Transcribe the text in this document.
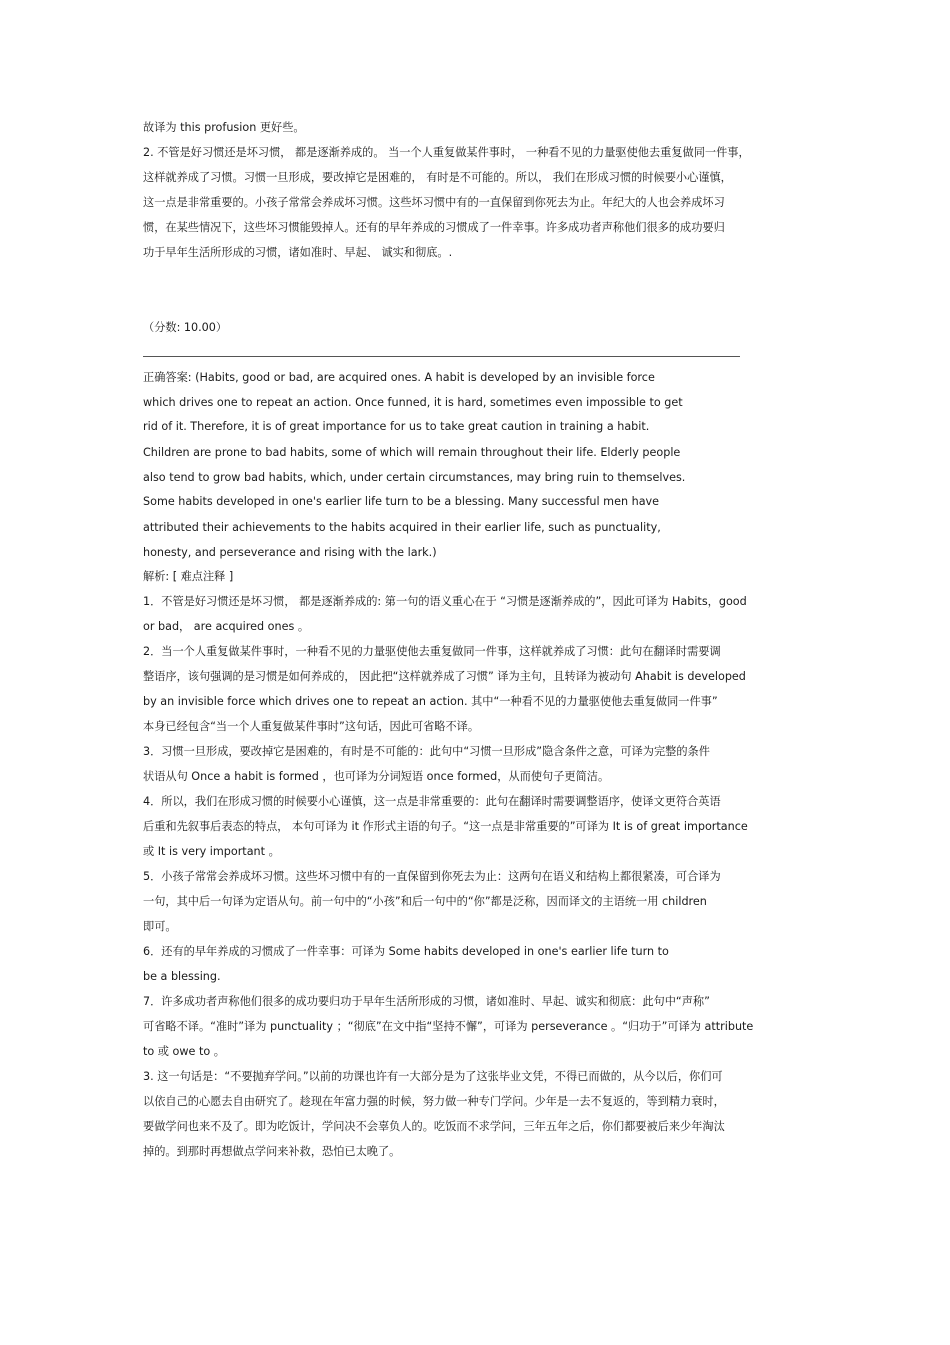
故译为 this profusion 更好些。
2. 不管是好习惯还是坏习惯， 都是逐渐养成的。 当一个人重复做某件事时， 一种看不见的力量驱使他去重复做同一件事，
这样就养成了习惯。习惯一旦形成，要改掉它是困难的， 有时是不可能的。所以， 我们在形成习惯的时候要小心谨慎，
这一点是非常重要的。小孩子常常会养成坏习惯。这些坏习惯中有的一直保留到你死去为止。年纪大的人也会养成坏习
惯，在某些情况下，这些坏习惯能毁掉人。还有的早年养成的习惯成了一件幸事。许多成功者声称他们很多的成功要归
功于早年生活所形成的习惯，诸如准时、早起、 诚实和彻底。.
（分数: 10.00）
正确答案: (Habits, good or bad, are acquired ones. A habit is developed by an invisible force
which drives one to repeat an action. Once funned, it is hard, sometimes even impossible to get
rid of it. Therefore, it is of great importance for us to take great caution in training a habit.
Children are prone to bad habits, some of which will remain throughout their life. Elderly people
also tend to grow bad habits, which, under certain circumstances, may bring ruin to themselves.
Some habits developed in one's earlier life turn to be a blessing. Many successful men have
attributed their achievements to the habits acquired in their earlier life, such as punctuality,
honesty, and perseverance and rising with the lark.)
解析: [ 难点注释 ]
1．不管是好习惯还是坏习惯， 都是逐渐养成的: 第一句的语义重心在于 “习惯是逐渐养成的”，因此可译为 Habits，good
or bad， are acquired ones 。
2．当一个人重复做某件事时，一种看不见的力量驱使他去重复做同一件事，这样就养成了习惯：此句在翻译时需要调
整语序，该句强调的是习惯是如何养成的， 因此把“这样就养成了习惯” 译为主句，且转译为被动句 Ahabit is developed
by an invisible force which drives one to repeat an action. 其中“一种看不见的力量驱使他去重复做同一件事”
本身已经包含“当一个人重复做某件事时”这句话，因此可省略不译。
3．习惯一旦形成，要改掉它是困难的，有时是不可能的：此句中“习惯一旦形成”隐含条件之意，可译为完整的条件
状语从句 Once a habit is formed ，也可译为分词短语 once formed，从而使句子更简洁。
4．所以，我们在形成习惯的时候要小心谨慎，这一点是非常重要的：此句在翻译时需要调整语序，使译文更符合英语
后重和先叙事后表态的特点， 本句可译为 it 作形式主语的句子。“这一点是非常重要的”可译为 It is of great importance
或 It is very important 。
5．小孩子常常会养成坏习惯。这些坏习惯中有的一直保留到你死去为止：这两句在语义和结构上都很紧凑，可合译为
一句，其中后一句译为定语从句。前一句中的“小孩”和后一句中的“你”都是泛称，因而译文的主语统一用 children
即可。
6．还有的早年养成的习惯成了一件幸事：可译为 Some habits developed in one's earlier life turn to
be a blessing.
7．许多成功者声称他们很多的成功要归功于早年生活所形成的习惯，诸如准时、早起、诚实和彻底：此句中“声称”
可省略不译。“准时”译为 punctuality ；“彻底”在文中指“坚持不懈”，可译为 perseverance 。“归功于”可译为 attribute
to 或 owe to 。
3. 这一句话是：“不要抛弃学问。”以前的功课也许有一大部分是为了这张毕业文凭，不得已而做的，从今以后，你们可
以依自己的心愿去自由研究了。趁现在年富力强的时候，努力做一种专门学问。少年是一去不复返的，等到精力衰时，
要做学问也来不及了。即为吃饭计，学问决不会辜负人的。吃饭而不求学问，三年五年之后，你们都要被后来少年淘汰
掉的。到那时再想做点学问来补救，恐怕已太晚了。
